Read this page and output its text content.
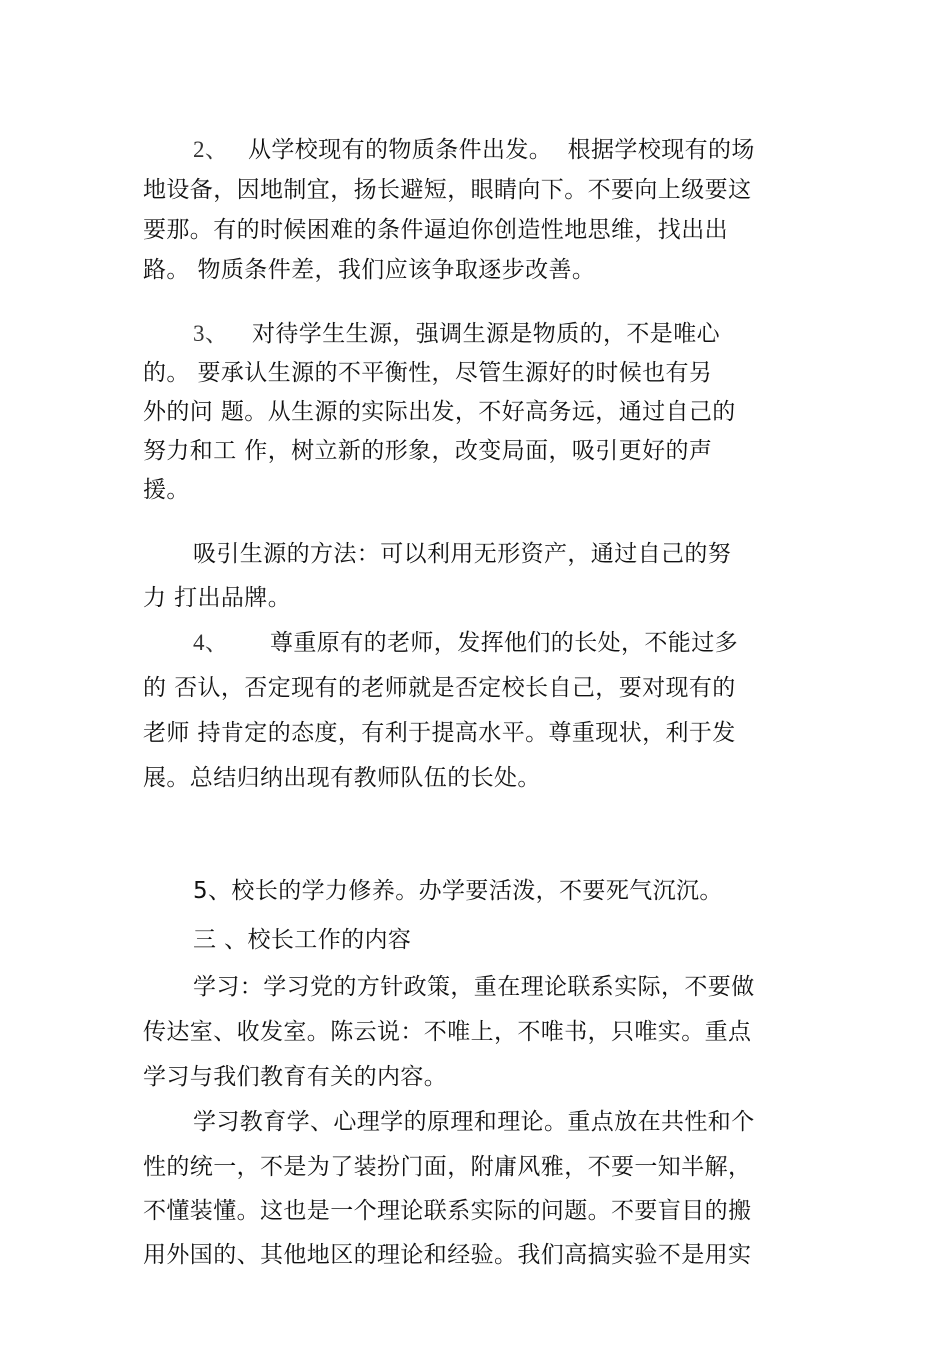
2、 从学校现有的物质条件出发。  根据学校现有的场
地设备，因地制宜，扬长避短，眼睛向下。不要向上级要这
要那。有的时候困难的条件逼迫你创造性地思维，找出出
路。 物质条件差，我们应该争取逐步改善。
3、 对待学生生源，强调生源是物质的，不是唯心
的。 要承认生源的不平衡性，尽管生源好的时候也有另
外的问 题。从生源的实际出发，不好高务远，通过自己的
努力和工 作，树立新的形象，改变局面，吸引更好的声
援。
吸引生源的方法：可以利用无形资产，通过自己的努
力 打出品牌。
4、 尊重原有的老师，发挥他们的长处，不能过多
的 否认，否定现有的老师就是否定校长自己，要对现有的
老师 持肯定的态度，有利于提高水平。尊重现状，利于发
展。总结归纳出现有教师队伍的长处。
5、校长的学力修养。办学要活泼，不要死气沉沉。
三 、校长工作的内容
学习：学习党的方针政策，重在理论联系实际，不要做
传达室、收发室。陈云说：不唯上，不唯书，只唯实。重点
学习与我们教育有关的内容。
学习教育学、心理学的原理和理论。重点放在共性和个
性的统一，不是为了装扮门面，附庸风雅，不要一知半解，
不懂装懂。这也是一个理论联系实际的问题。不要盲目的搬
用外国的、其他地区的理论和经验。我们高搞实验不是用实
